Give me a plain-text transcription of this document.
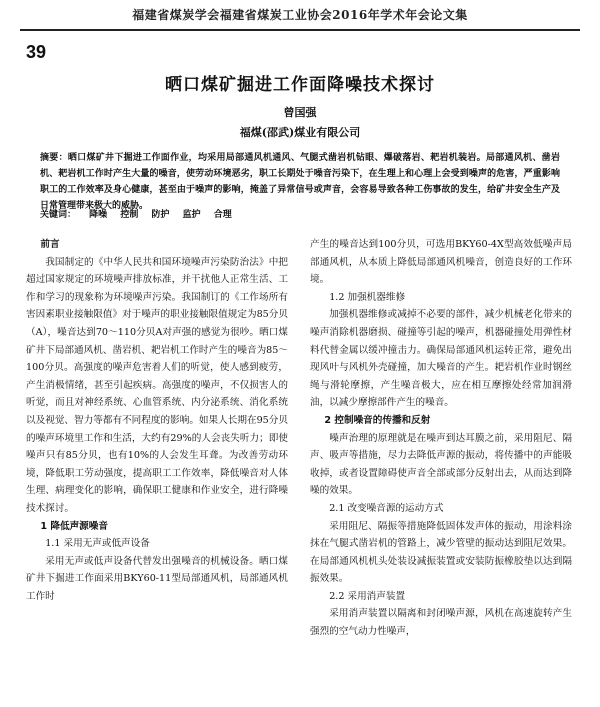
福建省煤炭学会福建省煤炭工业协会2016年学术年会论文集
39
晒口煤矿掘进工作面降噪技术探讨
曾国强
福煤(邵武)煤业有限公司
摘要：晒口煤矿井下掘进工作面作业，均采用局部通风机通风、气腿式凿岩机钻眼、爆破落岩、耙岩机装岩。局部通风机、凿岩机、耙岩机工作时产生大量的噪音，使劳动环境恶劣，职工长期处于噪音污染下，在生理上和心理上会受到噪声的危害，严重影响职工的工作效率及身心健康，甚至由于噪声的影响，掩盖了异常信号或声音，会容易导致各种工伤事故的发生，给矿井安全生产及日常管理带来极大的威胁。
关键词： 降噪 控制 防护 监护 合理

前言

我国制定的《中华人民共和国环境噪声污染防治法》中把超过国家规定的环境噪声排放标准，并干扰他人正常生活、工作和学习的现象称为环境噪声污染。我国制订的《工作场所有害因素职业接触限值》对于噪声的职业接触限值规定为85分贝（A），噪音达到70～110分贝A对声强的感觉为很吵。晒口煤矿井下局部通风机、凿岩机、耙岩机工作时产生的噪音为85～100分贝。高强度的噪声危害着人们的听觉，使人感到疲劳，产生消极情绪，甚至引起疾病。高强度的噪声，不仅损害人的听觉，而且对神经系统、心血管系统、内分泌系统、消化系统以及视觉、智力等都有不同程度的影响。如果人长期在95分贝的噪声环境里工作和生活，大约有29%的人会丧失听力；即使噪声只有85分贝，也有10%的人会发生耳聋。为改善劳动环境，降低职工劳动强度，提高职工工作效率，降低噪音对人体生理、病理变化的影响，确保职工健康和作业安全，进行降噪技术探讨。

1 降低声源噪音

1.1 采用无声或低声设备

采用无声或低声设备代替发出强噪音的机械设备。晒口煤矿井下掘进工作面采用BKY60-11型局部通风机，局部通风机工作时

产生的噪音达到100分贝，可选用BKY60-4X型高效低噪声局部通风机，从本质上降低局部通风机噪音，创造良好的工作环境。

1.2 加强机器维修

加强机器维修或减掉不必要的部件，减少机械老化带来的噪声消除机器磨损、碰撞等引起的噪声，机器碰撞处用弹性材料代替金属以缓冲撞击力。确保局部通风机运转正常，避免出现风叶与风机外壳碰撞，加大噪音的产生。耙岩机作业时钢丝绳与滑轮摩擦，产生噪音极大，应在相互摩擦处经常加润滑油，以减少摩擦部件产生的噪音。

2 控制噪音的传播和反射

噪声治理的原理就是在噪声到达耳膜之前，采用阻尼、隔声、吸声等措施，尽力去降低声源的振动，将传播中的声能吸收掉，或者设置障碍使声音全部或部分反射出去，从而达到降噪的效果。

2.1 改变噪音源的运动方式

采用阻尼、隔振等措施降低固体发声体的振动，用涂料涂抹在气腿式凿岩机的管路上，减少管壁的振动达到阻尼效果。在局部通风机机头处装设减振装置或安装防振橡胶垫以达到隔振效果。

2.2 采用消声装置

采用消声装置以隔离和封闭噪声源，风机在高速旋转产生强烈的空气动力性噪声，
